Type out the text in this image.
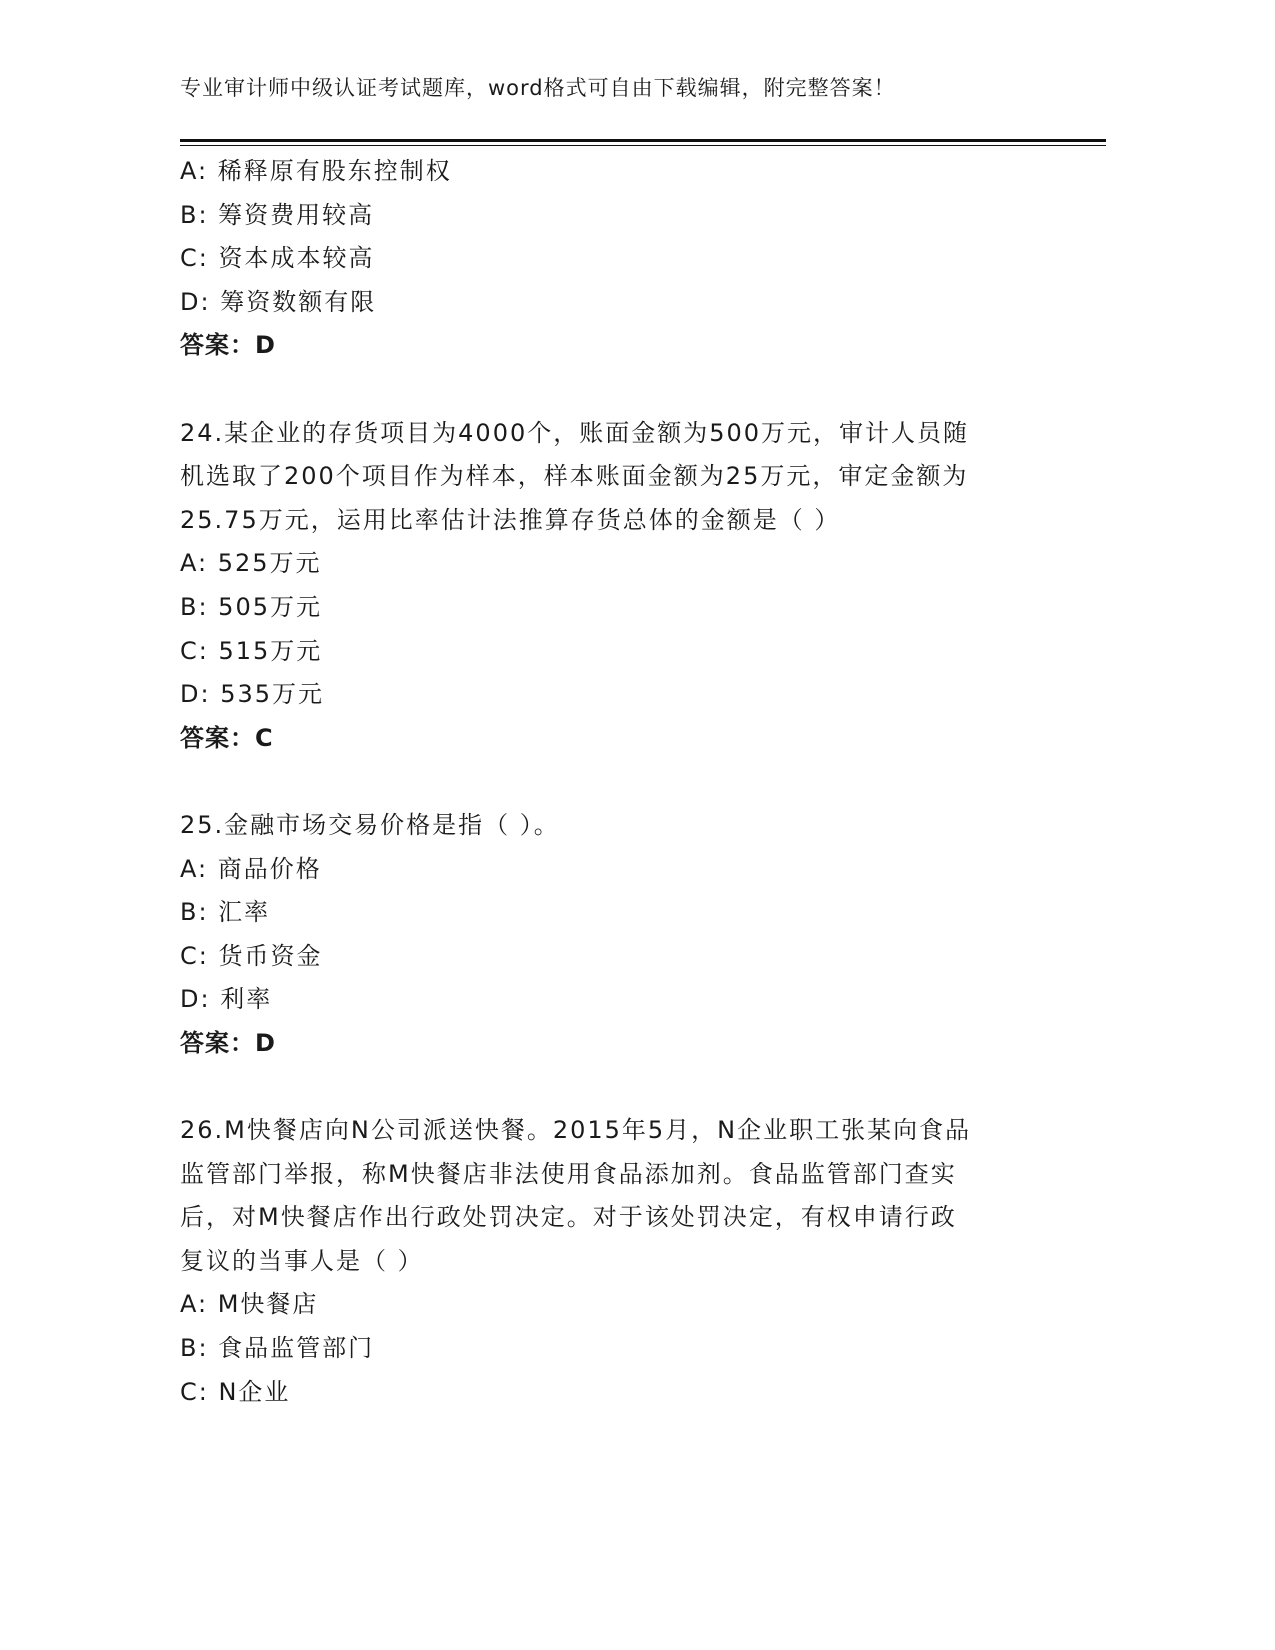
专业审计师中级认证考试题库，word格式可自由下载编辑，附完整答案！
A: 稀释原有股东控制权
B: 筹资费用较高
C: 资本成本较高
D: 筹资数额有限
答案：D
24.某企业的存货项目为4000个，账面金额为500万元，审计人员随
机选取了200个项目作为样本，样本账面金额为25万元，审定金额为
25.75万元，运用比率估计法推算存货总体的金额是（ ）
A: 525万元
B: 505万元
C: 515万元
D: 535万元
答案：C
25.金融市场交易价格是指（ ）。
A: 商品价格
B: 汇率
C: 货币资金
D: 利率
答案：D
26.M快餐店向N公司派送快餐。2015年5月，N企业职工张某向食品
监管部门举报，称M快餐店非法使用食品添加剂。食品监管部门查实
后，对M快餐店作出行政处罚决定。对于该处罚决定，有权申请行政
复议的当事人是（ ）
A: M快餐店
B: 食品监管部门
C: N企业
